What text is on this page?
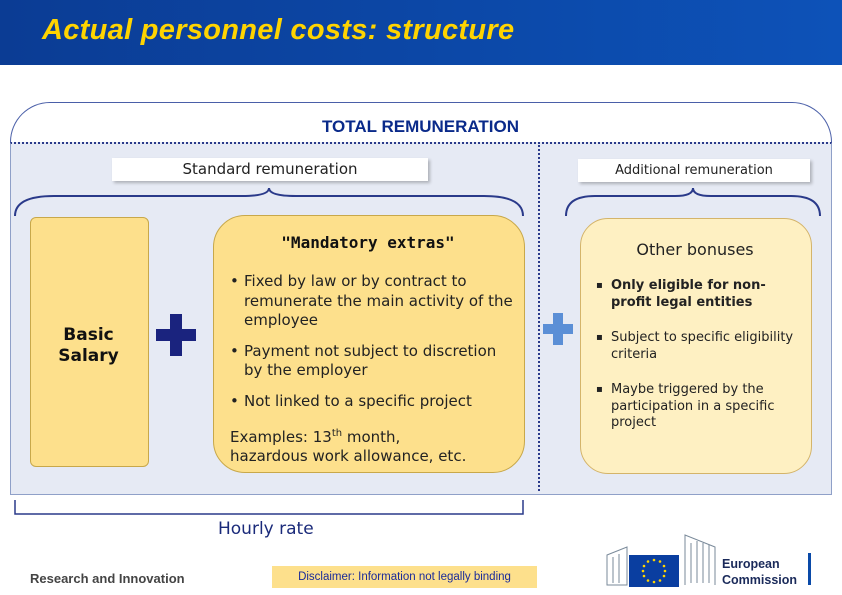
Actual personnel costs: structure
TOTAL REMUNERATION
Standard remuneration	Additional remuneration
Basic
Salary
"Mandatory extras"
• Fixed by law or by contract to remunerate the main activity of the employee
• Payment not subject to discretion by the employer
• Not linked to a specific project
Examples: 13th month,
hazardous work allowance, etc.
Other bonuses
▪ Only eligible for non-profit legal entities
▪ Subject to specific eligibility criteria
▪ Maybe triggered by the participation in a specific project
Hourly rate
Research and Innovation	Disclaimer: Information not legally binding
European
Commission
